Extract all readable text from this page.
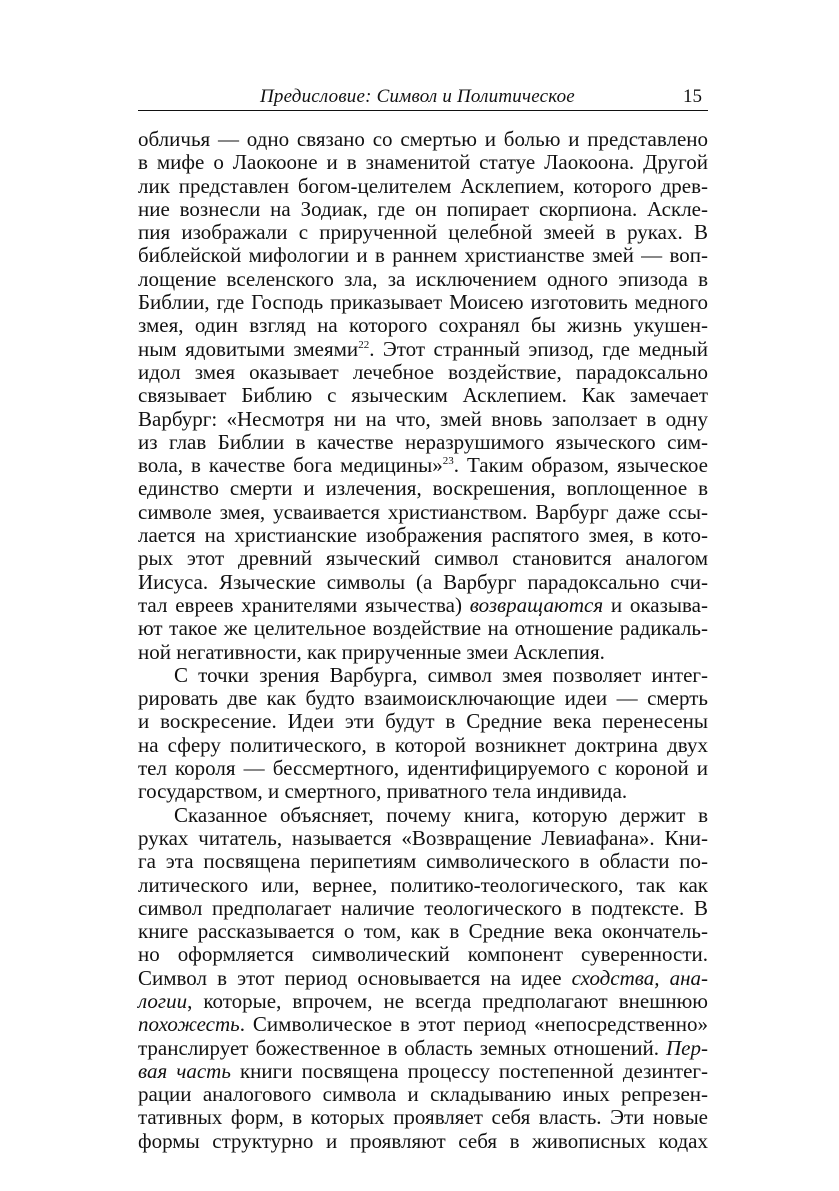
Предисловие: Символ и Политическое	15
обличья — одно связано со смертью и болью и представлено
в мифе о Лаокооне и в знаменитой статуе Лаокоона. Другой
лик представлен богом-целителем Асклепием, которого древ-
ние вознесли на Зодиак, где он попирает скорпиона. Аскле-
пия изображали с прирученной целебной змеей в руках. В
библейской мифологии и в раннем христианстве змей — воп-
лощение вселенского зла, за исключением одного эпизода в
Библии, где Господь приказывает Моисею изготовить медного
змея, один взгляд на которого сохранял бы жизнь укушен-
ным ядовитыми змеями$^{22}$. Этот странный эпизод, где медный
идол змея оказывает лечебное воздействие, парадоксально
связывает Библию с языческим Асклепием. Как замечает
Варбург: «Несмотря ни на что, змей вновь заползает в одну
из глав Библии в качестве неразрушимого языческого сим-
вола, в качестве бога медицины»$^{23}$. Таким образом, языческое
единство смерти и излечения, воскрешения, воплощенное в
символе змея, усваивается христианством. Варбург даже ссы-
лается на христианские изображения распятого змея, в кото-
рых этот древний языческий символ становится аналогом
Иисуса. Языческие символы (а Варбург парадоксально счи-
тал евреев хранителями язычества) возвращаются и оказыва-
ют такое же целительное воздействие на отношение радикаль-
ной негативности, как прирученные змеи Асклепия.
С точки зрения Варбурга, символ змея позволяет интег-
рировать две как будто взаимоисключающие идеи — смерть
и воскресение. Идеи эти будут в Средние века перенесены
на сферу политического, в которой возникнет доктрина двух
тел короля — бессмертного, идентифицируемого с короной и
государством, и смертного, приватного тела индивида.
Сказанное объясняет, почему книга, которую держит в
руках читатель, называется «Возвращение Левиафана». Кни-
га эта посвящена перипетиям символического в области по-
литического или, вернее, политико-теологического, так как
символ предполагает наличие теологического в подтексте. В
книге рассказывается о том, как в Средние века окончатель-
но оформляется символический компонент суверенности.
Символ в этот период основывается на идее сходства, ана-
логии, которые, впрочем, не всегда предполагают внешнюю
похожесть. Символическое в этот период «непосредственно»
транслирует божественное в область земных отношений. Пер-
вая часть книги посвящена процессу постепенной дезинтег-
рации аналогового символа и складыванию иных репрезен-
тативных форм, в которых проявляет себя власть. Эти новые
формы структурно и проявляют себя в живописных кодах
